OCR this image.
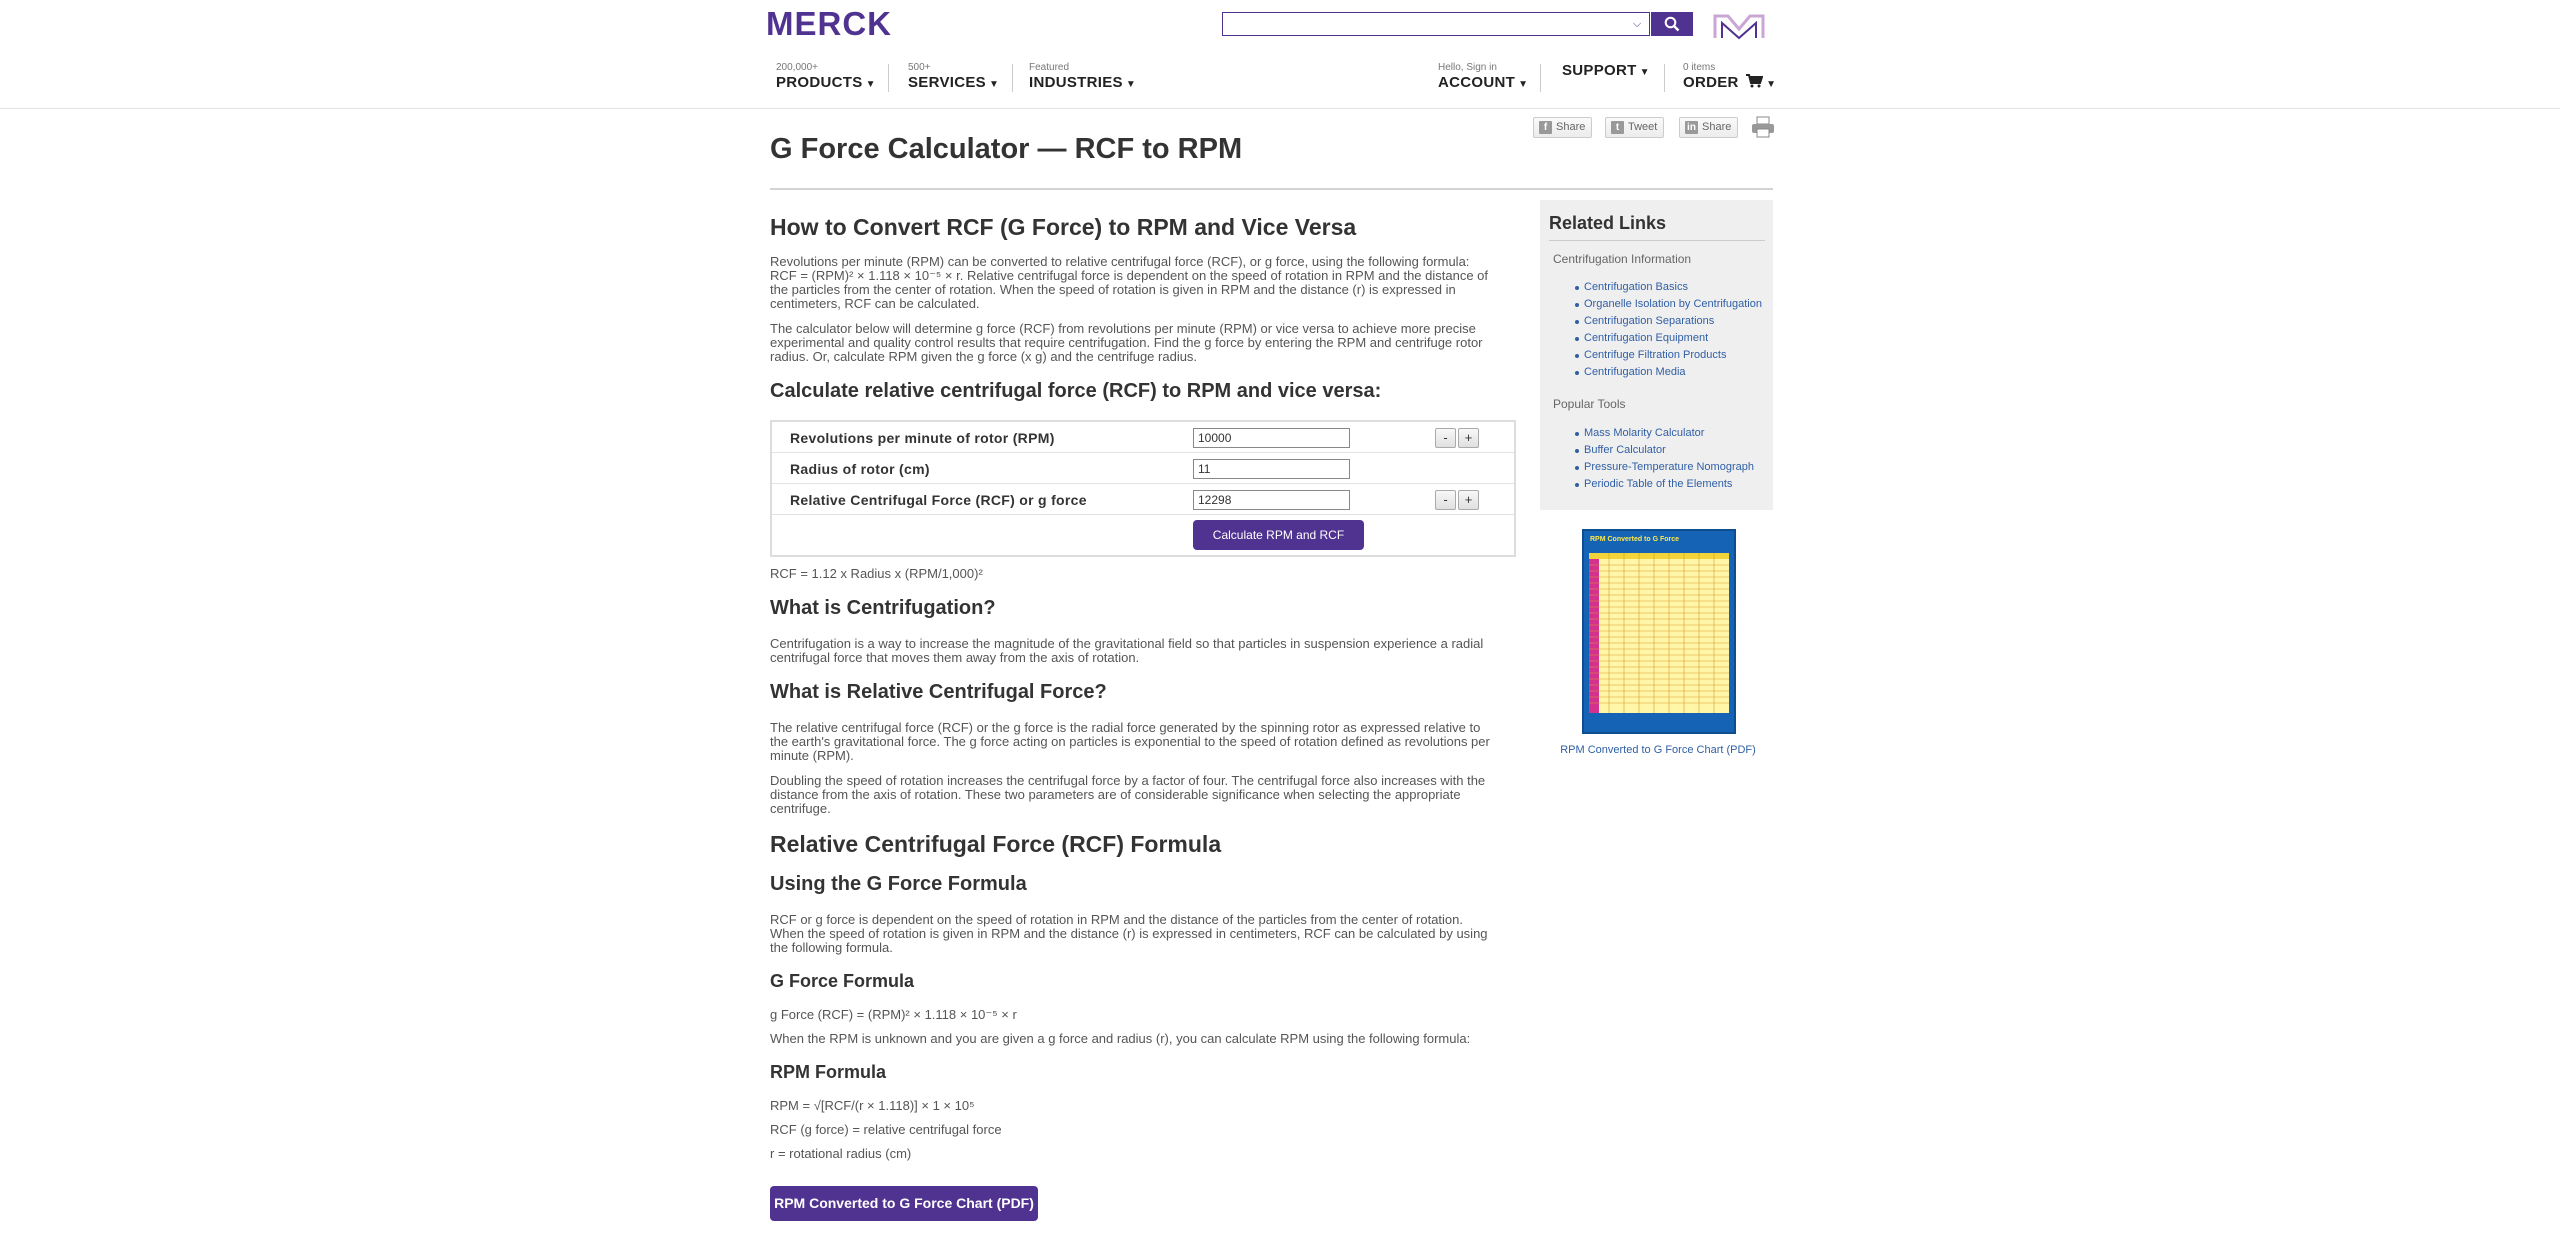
MERCK	⌵
200,000+
PRODUCTS ▼
500+
SERVICES ▼
Featured
INDUSTRIES ▼
Hello, Sign in
ACCOUNT ▼
SUPPORT ▼	0 items
ORDER	▼
f Share	t Tweet	in Share
G Force Calculator — RCF to RPM
How to Convert RCF (G Force) to RPM and Vice Versa
Revolutions per minute (RPM) can be converted to relative centrifugal force (RCF), or g force, using the following formula:
RCF = (RPM)² × 1.118 × 10⁻⁵ × r. Relative centrifugal force is dependent on the speed of rotation in RPM and the distance of
the particles from the center of rotation. When the speed of rotation is given in RPM and the distance (r) is expressed in
centimeters, RCF can be calculated.
The calculator below will determine g force (RCF) from revolutions per minute (RPM) or vice versa to achieve more precise
experimental and quality control results that require centrifugation. Find the g force by entering the RPM and centrifuge rotor
radius. Or, calculate RPM given the g force (x g) and the centrifuge radius.
Calculate relative centrifugal force (RCF) to RPM and vice versa:
Revolutions per minute of rotor (RPM)
10000	-	+
Radius of rotor (cm)
11
Relative Centrifugal Force (RCF) or g force
12298	-	+
Calculate RPM and RCF
RCF = 1.12 x Radius x (RPM/1,000)²
What is Centrifugation?
Centrifugation is a way to increase the magnitude of the gravitational field so that particles in suspension experience a radial
centrifugal force that moves them away from the axis of rotation.
What is Relative Centrifugal Force?
The relative centrifugal force (RCF) or the g force is the radial force generated by the spinning rotor as expressed relative to
the earth's gravitational force. The g force acting on particles is exponential to the speed of rotation defined as revolutions per
minute (RPM).
Doubling the speed of rotation increases the centrifugal force by a factor of four. The centrifugal force also increases with the
distance from the axis of rotation. These two parameters are of considerable significance when selecting the appropriate
centrifuge.
Relative Centrifugal Force (RCF) Formula
Using the G Force Formula
RCF or g force is dependent on the speed of rotation in RPM and the distance of the particles from the center of rotation.
When the speed of rotation is given in RPM and the distance (r) is expressed in centimeters, RCF can be calculated by using
the following formula.
G Force Formula
g Force (RCF) = (RPM)² × 1.118 × 10⁻⁵ × r
When the RPM is unknown and you are given a g force and radius (r), you can calculate RPM using the following formula:
RPM Formula
RPM = √[RCF/(r × 1.118)] × 1 × 10⁵
RCF (g force) = relative centrifugal force
r = rotational radius (cm)
RPM Converted to G Force Chart (PDF)
Related Links
Centrifugation Information
Centrifugation Basics
Organelle Isolation by Centrifugation
Centrifugation Separations
Centrifugation Equipment
Centrifuge Filtration Products
Centrifugation Media
Popular Tools
Mass Molarity Calculator
Buffer Calculator
Pressure-Temperature Nomograph
Periodic Table of the Elements
RPM Converted to G Force
RPM Converted to G Force Chart (PDF)
